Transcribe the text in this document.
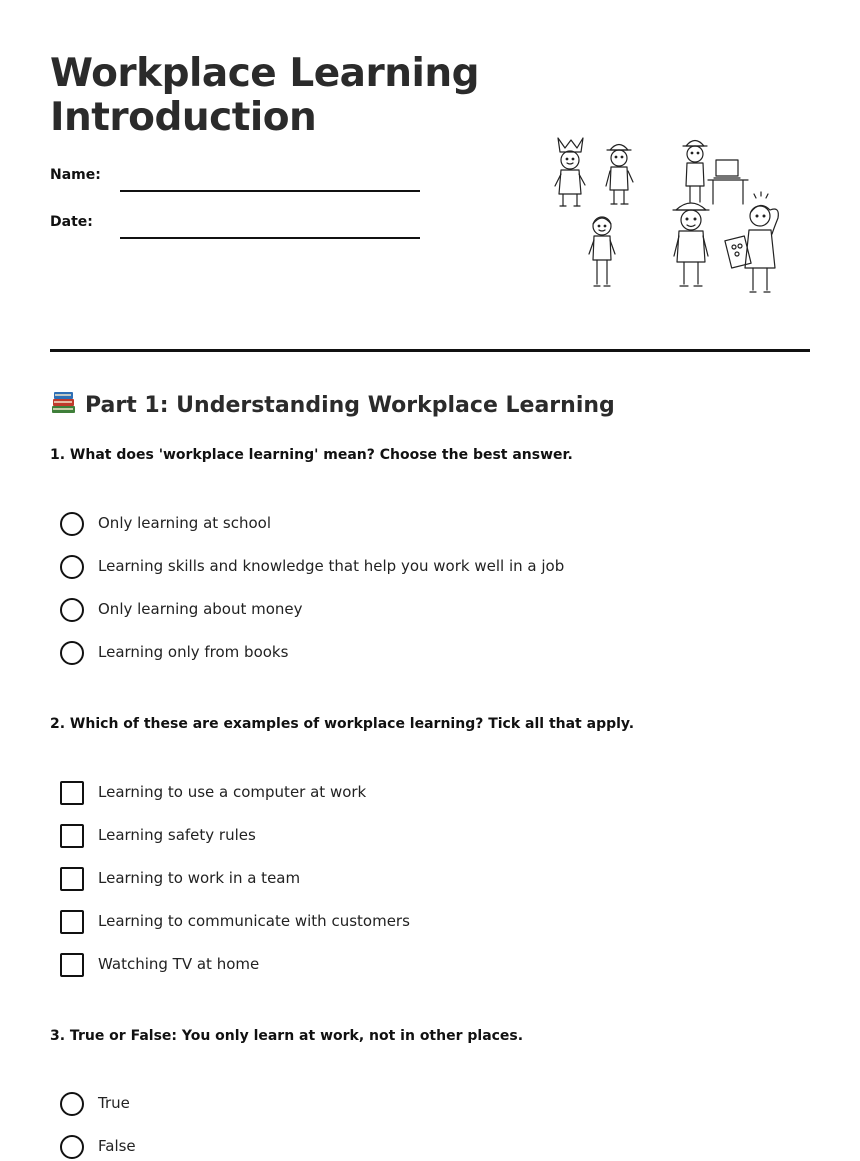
Workplace Learning Introduction
Name:
Date:
Part 1: Understanding Workplace Learning

1. What does 'workplace learning' mean? Choose the best answer.

Only learning at school
Learning skills and knowledge that help you work well in a job
Only learning about money
Learning only from books

2. Which of these are examples of workplace learning? Tick all that apply.

Learning to use a computer at work
Learning safety rules
Learning to work in a team
Learning to communicate with customers
Watching TV at home

3. True or False: You only learn at work, not in other places.

True
False
